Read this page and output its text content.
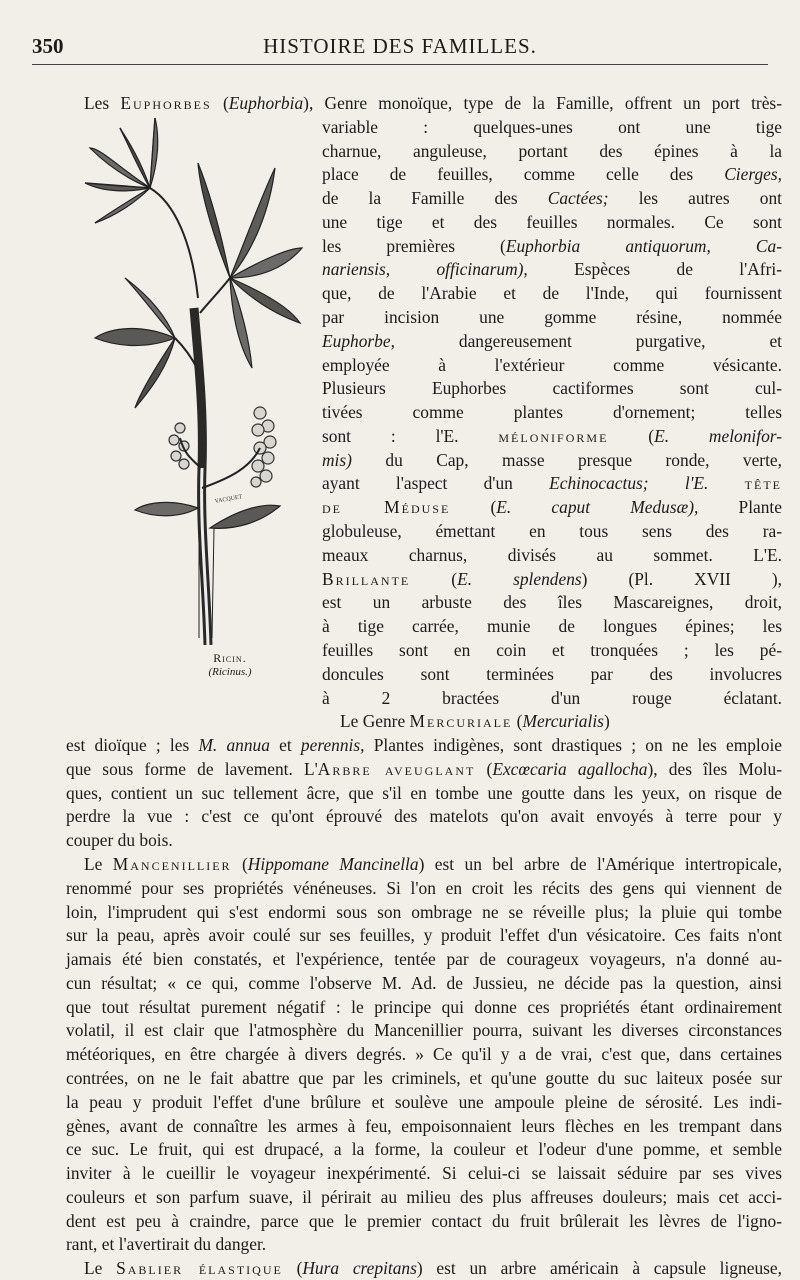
350	HISTOIRE DES FAMILLES.
VACQUET
Ricin.
(Ricinus.)
Les Euphorbes (Euphorbia), Genre monoïque, type de la Famille, offrent un port très-
variable : quelques-unes ont une tige
charnue, anguleuse, portant des épines à la
place de feuilles, comme celle des Cierges,
de la Famille des Cactées; les autres ont
une tige et des feuilles normales. Ce sont
les premières (Euphorbia antiquorum, Ca-
nariensis, officinarum), Espèces de l'Afri-
que, de l'Arabie et de l'Inde, qui fournissent
par incision une gomme résine, nommée
Euphorbe, dangereusement purgative, et
employée à l'extérieur comme vésicante.
Plusieurs Euphorbes cactiformes sont cul-
tivées comme plantes d'ornement; telles
sont : l'E. méloniforme (E. melonifor-
mis) du Cap, masse presque ronde, verte,
ayant l'aspect d'un Echinocactus; l'E. tête
de Méduse (E. caput Medusæ), Plante
globuleuse, émettant en tous sens des ra-
meaux charnus, divisés au sommet. L'E.
Brillante (E. splendens) (Pl. XVII ),
est un arbuste des îles Mascareignes, droit,
à tige carrée, munie de longues épines; les
feuilles sont en coin et tronquées ; les pé-
doncules sont terminées par des involucres
à 2 bractées d'un rouge éclatant.
Le Genre Mercuriale (Mercurialis)
est dioïque ; les M. annua et perennis, Plantes indigènes, sont drastiques ; on ne les emploie
que sous forme de lavement. L'Arbre aveuglant (Excœcaria agallocha), des îles Molu-
ques, contient un suc tellement âcre, que s'il en tombe une goutte dans les yeux, on risque de
perdre la vue : c'est ce qu'ont éprouvé des matelots qu'on avait envoyés à terre pour y
couper du bois.
Le Mancenillier (Hippomane Mancinella) est un bel arbre de l'Amérique intertropicale,
renommé pour ses propriétés vénéneuses. Si l'on en croit les récits des gens qui viennent de
loin, l'imprudent qui s'est endormi sous son ombrage ne se réveille plus; la pluie qui tombe
sur la peau, après avoir coulé sur ses feuilles, y produit l'effet d'un vésicatoire. Ces faits n'ont
jamais été bien constatés, et l'expérience, tentée par de courageux voyageurs, n'a donné au-
cun résultat; « ce qui, comme l'observe M. Ad. de Jussieu, ne décide pas la question, ainsi
que tout résultat purement négatif : le principe qui donne ces propriétés étant ordinairement
volatil, il est clair que l'atmosphère du Mancenillier pourra, suivant les diverses circonstances
météoriques, en être chargée à divers degrés. » Ce qu'il y a de vrai, c'est que, dans certaines
contrées, on ne le fait abattre que par les criminels, et qu'une goutte du suc laiteux posée sur
la peau y produit l'effet d'une brûlure et soulève une ampoule pleine de sérosité. Les indi-
gènes, avant de connaître les armes à feu, empoisonnaient leurs flèches en les trempant dans
ce suc. Le fruit, qui est drupacé, a la forme, la couleur et l'odeur d'une pomme, et semble
inviter à le cueillir le voyageur inexpérimenté. Si celui-ci se laissait séduire par ses vives
couleurs et son parfum suave, il périrait au milieu des plus affreuses douleurs; mais cet acci-
dent est peu à craindre, parce que le premier contact du fruit brûlerait les lèvres de l'igno-
rant, et l'avertirait du danger.
Le Sablier élastique (Hura crepitans) est un arbre américain à capsule ligneuse,
